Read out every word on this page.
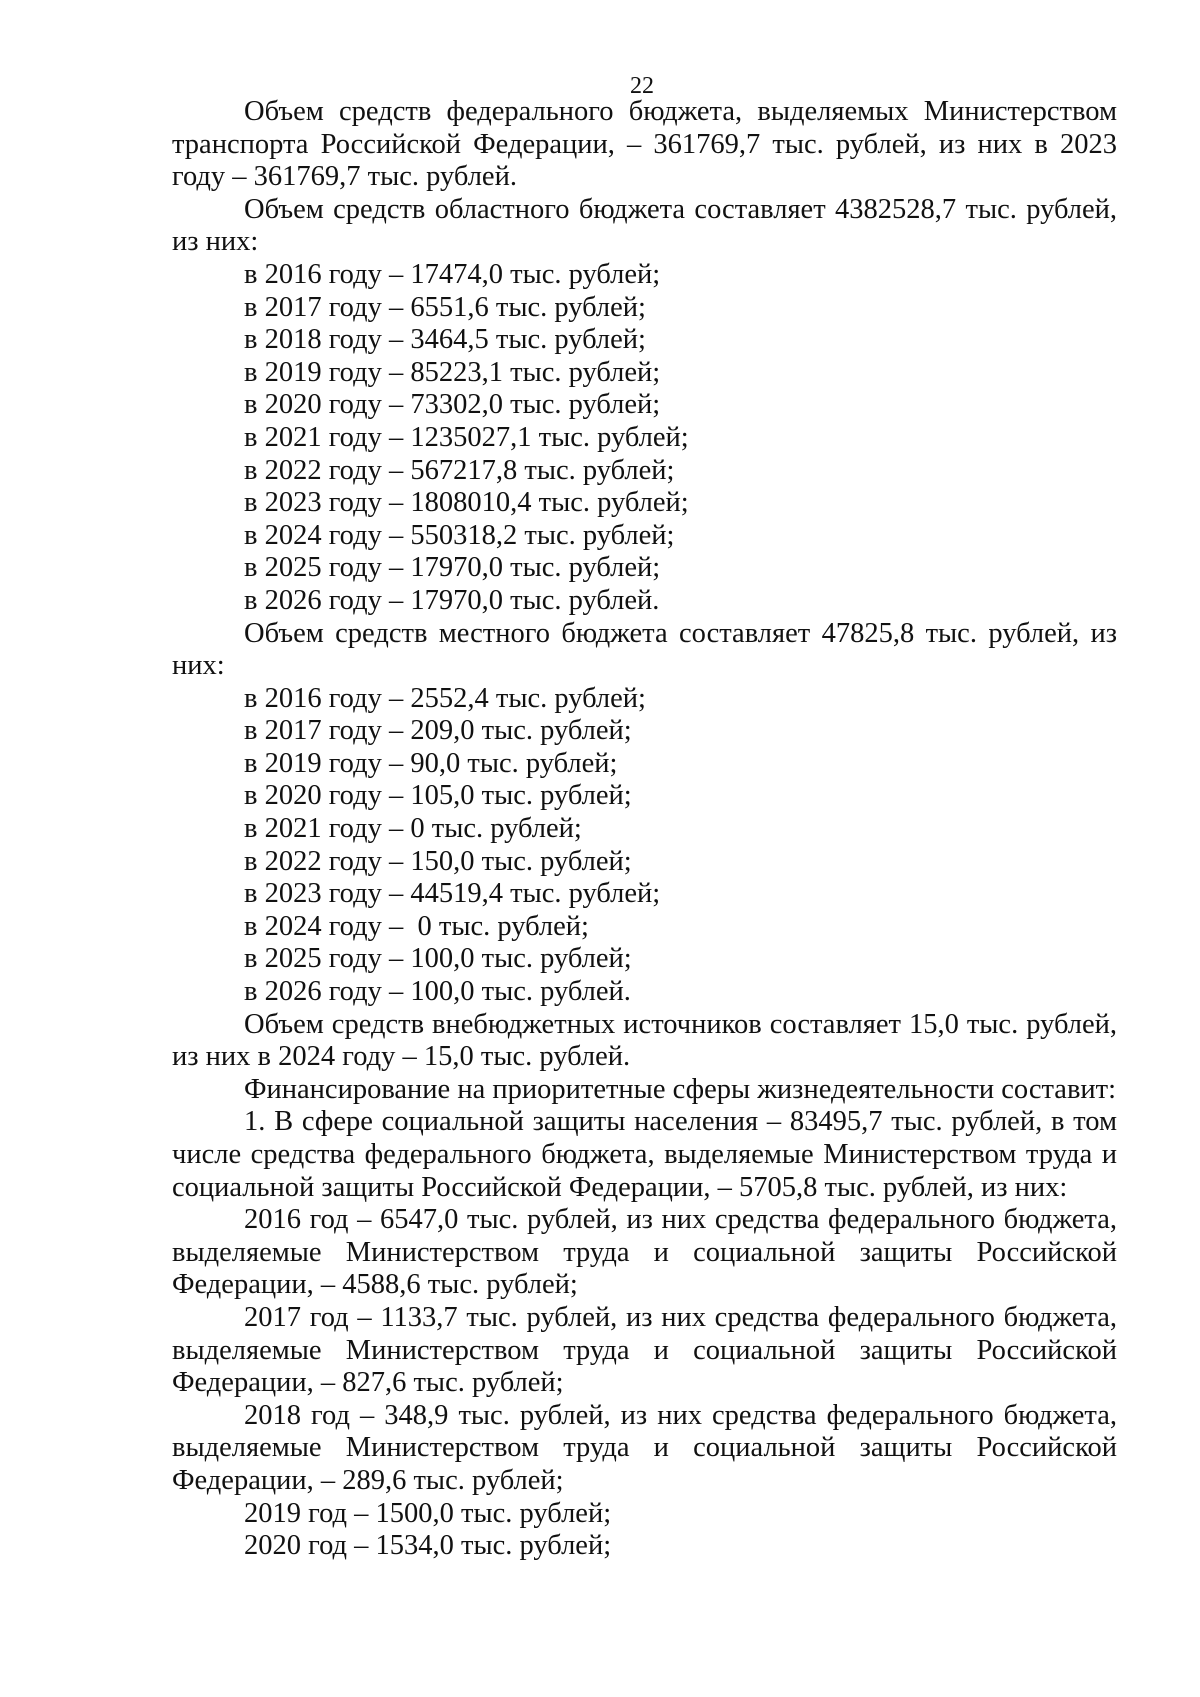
22

Объем средств федерального бюджета, выделяемых Министерством транспорта Российской Федерации, – 361769,7 тыс. рублей, из них в 2023 году – 361769,7 тыс. рублей.

Объем средств областного бюджета составляет 4382528,7 тыс. рублей, из них:

в 2016 году – 17474,0 тыс. рублей;

в 2017 году – 6551,6 тыс. рублей;

в 2018 году – 3464,5 тыс. рублей;

в 2019 году – 85223,1 тыс. рублей;

в 2020 году – 73302,0 тыс. рублей;

в 2021 году – 1235027,1 тыс. рублей;

в 2022 году – 567217,8 тыс. рублей;

в 2023 году – 1808010,4 тыс. рублей;

в 2024 году – 550318,2 тыс. рублей;

в 2025 году – 17970,0 тыс. рублей;

в 2026 году – 17970,0 тыс. рублей.

Объем средств местного бюджета составляет 47825,8 тыс. рублей, из них:

в 2016 году – 2552,4 тыс. рублей;

в 2017 году – 209,0 тыс. рублей;

в 2019 году – 90,0 тыс. рублей;

в 2020 году – 105,0 тыс. рублей;

в 2021 году – 0 тыс. рублей;

в 2022 году – 150,0 тыс. рублей;

в 2023 году – 44519,4 тыс. рублей;

в 2024 году –  0 тыс. рублей;

в 2025 году – 100,0 тыс. рублей;

в 2026 году – 100,0 тыс. рублей.

Объем средств внебюджетных источников составляет 15,0 тыс. рублей, из них в 2024 году – 15,0 тыс. рублей.

Финансирование на приоритетные сферы жизнедеятельности составит:

1. В сфере социальной защиты населения – 83495,7 тыс. рублей, в том числе средства федерального бюджета, выделяемые Министерством труда и социальной защиты Российской Федерации, – 5705,8 тыс. рублей, из них:

2016 год – 6547,0 тыс. рублей, из них средства федерального бюджета, выделяемые Министерством труда и социальной защиты Российской Федерации, – 4588,6 тыс. рублей;

2017 год – 1133,7 тыс. рублей, из них средства федерального бюджета, выделяемые Министерством труда и социальной защиты Российской Федерации, – 827,6 тыс. рублей;

2018 год – 348,9 тыс. рублей, из них средства федерального бюджета, выделяемые Министерством труда и социальной защиты Российской Федерации, – 289,6 тыс. рублей;

2019 год – 1500,0 тыс. рублей;

2020 год – 1534,0 тыс. рублей;
